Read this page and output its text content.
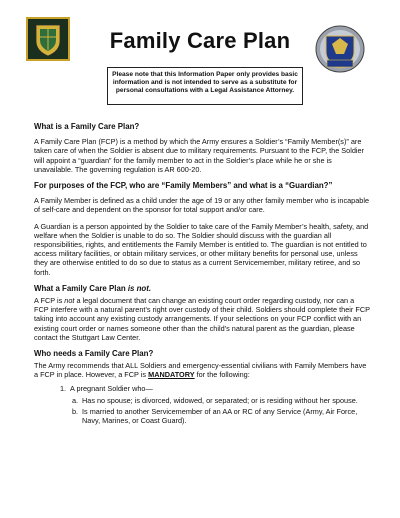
Family Care Plan
Please note that this Information Paper only provides basic information and is not intended to serve as a substitute for personal consultations with a Legal Assistance Attorney.
What is a Family Care Plan?
A Family Care Plan (FCP) is a method by which the Army ensures a Soldier’s “Family Member(s)” are taken care of when the Soldier is absent due to military requirements. Pursuant to the FCP, the Soldier will appoint a “guardian” for the family member to act in the Soldier’s place while he or she is unavailable. The governing regulation is AR 600-20.
For purposes of the FCP, who are “Family Members” and what is a “Guardian?”
A Family Member is defined as a child under the age of 19 or any other family member who is incapable of self-care and dependent on the sponsor for total support and/or care.
A Guardian is a person appointed by the Soldier to take care of the Family Member’s health, safety, and welfare when the Soldier is unable to do so. The Soldier should discuss with the guardian all responsibilities, rights, and entitlements the Family Member is entitled to. The guardian is not entitled to access military facilities, or obtain military services, or other military benefits for personal use, unless they are otherwise entitled to do so due to status as a current Servicemember, military retiree, and so forth.
What a Family Care Plan is not.
A FCP is not a legal document that can change an existing court order regarding custody, nor can a FCP interfere with a natural parent’s right over custody of their child. Soldiers should complete their FCP taking into account any existing custody arrangements. If your selections on your FCP conflict with an existing court order or names someone other than the child’s natural parent as the guardian, please contact the Stuttgart Law Center.
Who needs a Family Care Plan?
The Army recommends that ALL Soldiers and emergency-essential civilians with Family Members have a FCP in place. However, a FCP is MANDATORY for the following:
1. A pregnant Soldier who—
a. Has no spouse; is divorced, widowed, or separated; or is residing without her spouse.
b. Is married to another Servicemember of an AA or RC of any Service (Army, Air Force, Navy, Marines, or Coast Guard).
